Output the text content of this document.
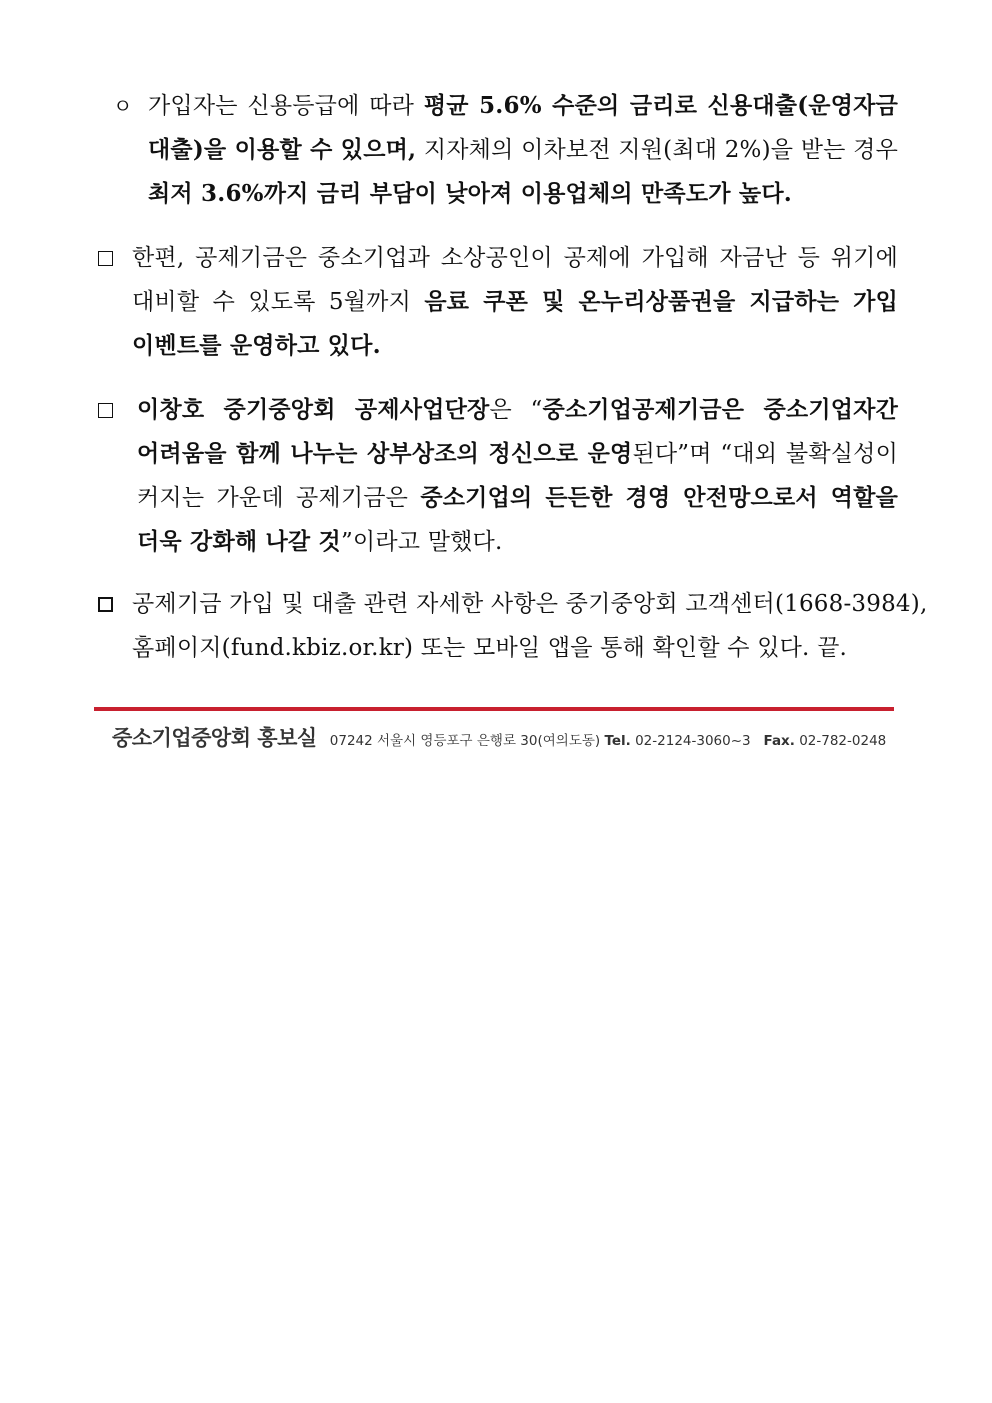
ㅇ 가입자는 신용등급에 따라 평균 5.6% 수준의 금리로 신용대출(운영자금
대출)을 이용할 수 있으며, 지자체의 이차보전 지원(최대 2%)을 받는 경우
최저 3.6%까지 금리 부담이 낮아져 이용업체의 만족도가 높다.
한편, 공제기금은 중소기업과 소상공인이 공제에 가입해 자금난 등 위기에
대비할 수 있도록 5월까지 음료 쿠폰 및 온누리상품권을 지급하는 가입
이벤트를 운영하고 있다.
이창호 중기중앙회 공제사업단장은 “중소기업공제기금은 중소기업자간
어려움을 함께 나누는 상부상조의 정신으로 운영된다”며 “대외 불확실성이
커지는 가운데 공제기금은 중소기업의 든든한 경영 안전망으로서 역할을
더욱 강화해 나갈 것”이라고 말했다.
공제기금 가입 및 대출 관련 자세한 사항은 중기중앙회 고객센터(1668-3984),
홈페이지(fund.kbiz.or.kr) 또는 모바일 앱을 통해 확인할 수 있다. 끝.
중소기업중앙회 홍보실 07242 서울시 영등포구 은행로 30(여의도동) Tel. 02-2124-3060~3 Fax. 02-782-0248
